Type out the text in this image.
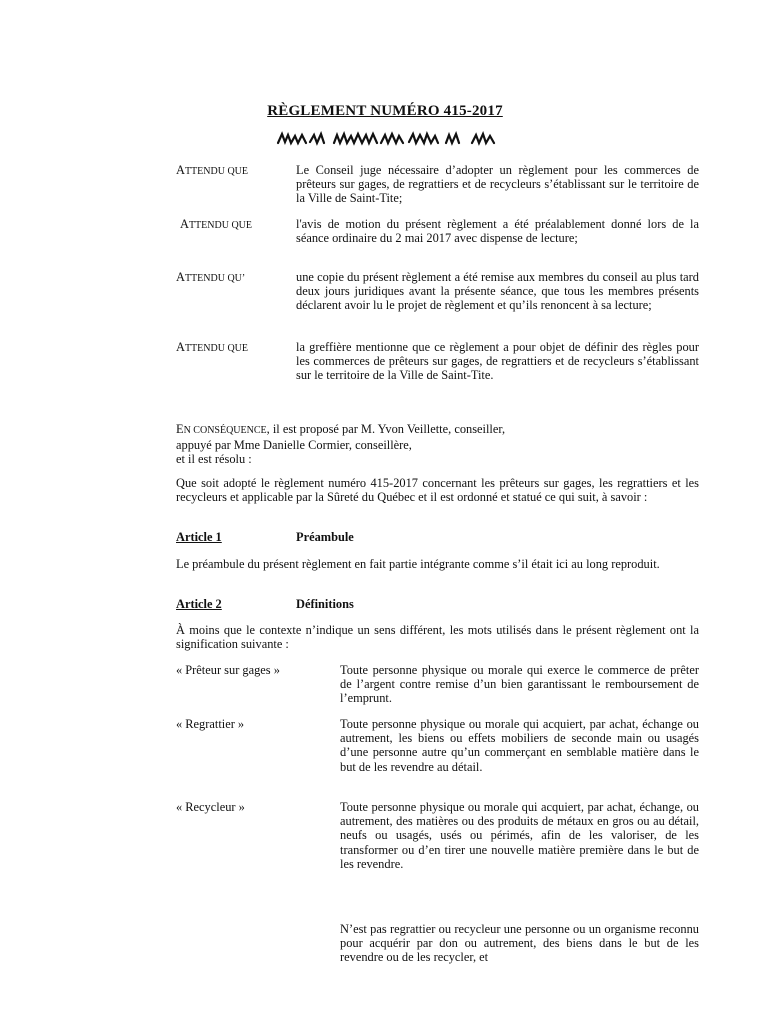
RÈGLEMENT NUMÉRO 415-2017
ATTENDU QUE	Le Conseil juge nécessaire d’adopter un règlement pour les commerces de prêteurs sur gages, de regrattiers et de recycleurs s’établissant sur le territoire de la Ville de Saint-Tite;

ATTENDU QUE	l'avis de motion du présent règlement a été préalablement donné lors de la séance ordinaire du 2 mai 2017 avec dispense de lecture;

ATTENDU QU’	une copie du présent règlement a été remise aux membres du conseil au plus tard deux jours juridiques avant la présente séance, que tous les membres présents déclarent avoir lu le projet de règlement et qu’ils renoncent à sa lecture;

ATTENDU QUE	la greffière mentionne que ce règlement a pour objet de définir des règles pour les commerces de prêteurs sur gages, de regrattiers et de recycleurs s’établissant sur le territoire de la Ville de Saint-Tite.

EN CONSÉQUENCE, il est proposé par M. Yvon Veillette, conseiller,
appuyé par Mme Danielle Cormier, conseillère,
et il est résolu :

Que soit adopté le règlement numéro 415-2017 concernant les prêteurs sur gages, les regrattiers et les recycleurs et applicable par la Sûreté du Québec et il est ordonné et statué ce qui suit, à savoir :

Article 1	Préambule

Le préambule du présent règlement en fait partie intégrante comme s’il était ici au long reproduit.

Article 2	Définitions

À moins que le contexte n’indique un sens différent, les mots utilisés dans le présent règlement ont la signification suivante :

« Prêteur sur gages »	Toute personne physique ou morale qui exerce le commerce de prêter de l’argent contre remise d’un bien garantissant le remboursement de l’emprunt.

« Regrattier »	Toute personne physique ou morale qui acquiert, par achat, échange ou autrement, les biens ou effets mobiliers de seconde main ou usagés d’une personne autre qu’un commerçant en semblable matière dans le but de les revendre au détail.

« Recycleur »	Toute personne physique ou morale qui acquiert, par achat, échange, ou autrement, des matières ou des produits de métaux en gros ou au détail, neufs ou usagés, usés ou périmés, afin de les valoriser, de les transformer ou d’en tirer une nouvelle matière première dans le but de les revendre.

N’est pas regrattier ou recycleur une personne ou un organisme reconnu pour acquérir par don ou autrement, des biens dans le but de les revendre ou de les recycler, et
